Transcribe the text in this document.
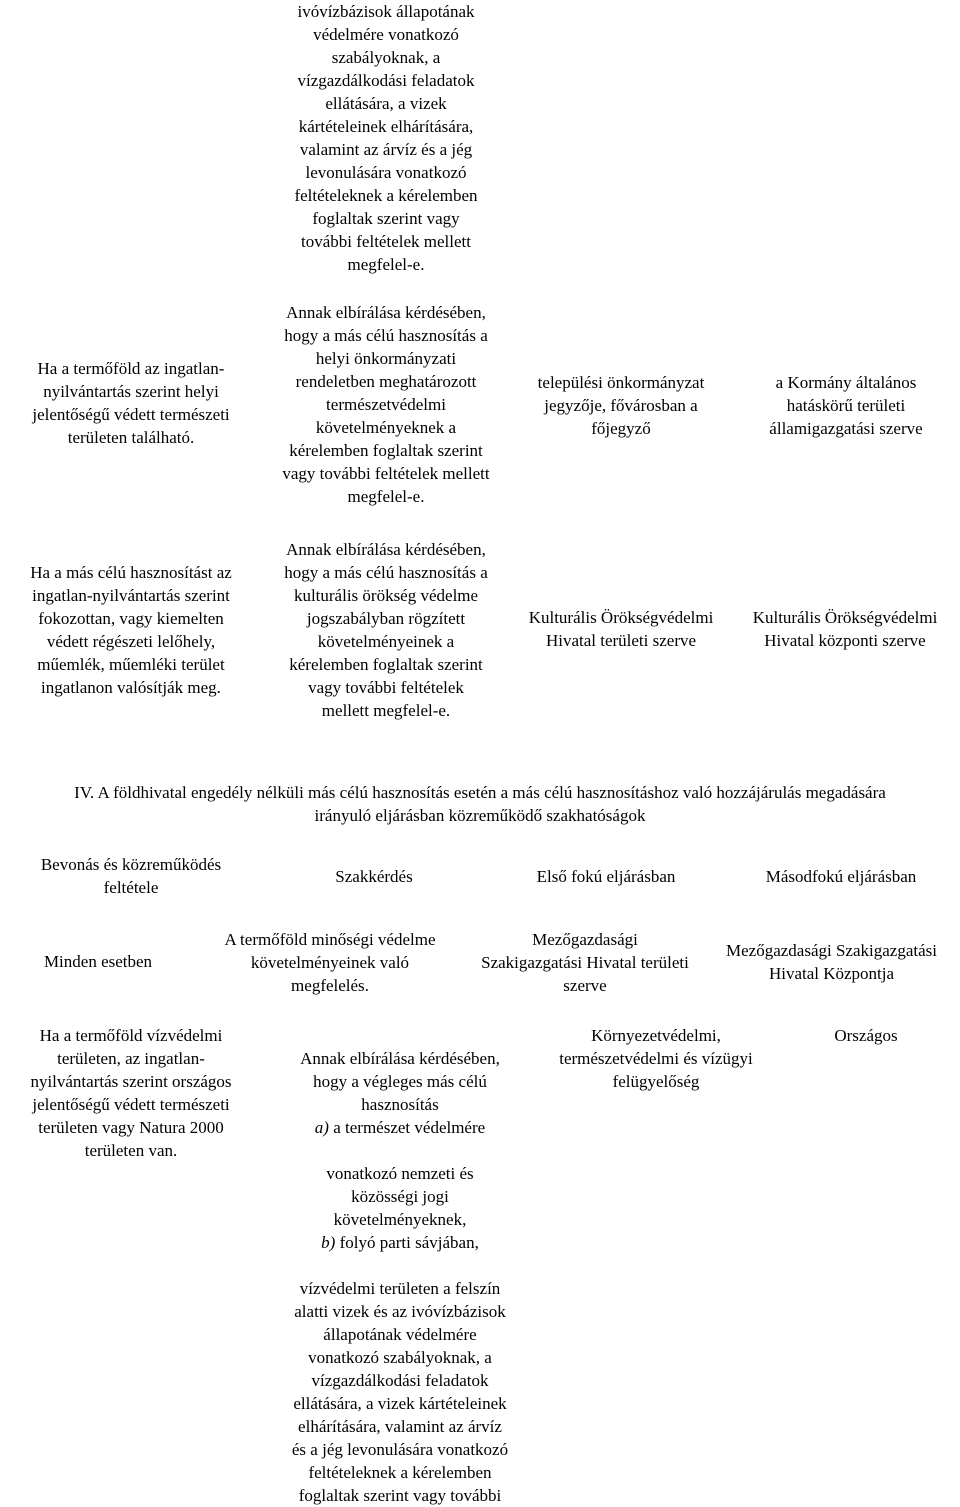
ivóvízbázisok állapotának
védelmére vonatkozó
szabályoknak, a
vízgazdálkodási feladatok
ellátására, a vizek
kártételeinek elhárítására,
valamint az árvíz és a jég
levonulására vonatkozó
feltételeknek a kérelemben
foglaltak szerint vagy
további feltételek mellett
megfelel-e.
Ha a termőföld az ingatlan-
nyilvántartás szerint helyi
jelentőségű védett természeti
területen található.
Annak elbírálása kérdésében,
hogy a más célú hasznosítás a
helyi önkormányzati
rendeletben meghatározott
természetvédelmi
követelményeknek a
kérelemben foglaltak szerint
vagy további feltételek mellett
megfelel-e.
települési önkormányzat
jegyzője, fővárosban a
főjegyző
a Kormány általános
hatáskörű területi
államigazgatási szerve
Ha a más célú hasznosítást az
ingatlan-nyilvántartás szerint
fokozottan, vagy kiemelten
védett régészeti lelőhely,
műemlék, műemléki terület
ingatlanon valósítják meg.
Annak elbírálása kérdésében,
hogy a más célú hasznosítás a
kulturális örökség védelme
jogszabályban rögzített
követelményeinek a
kérelemben foglaltak szerint
vagy további feltételek
mellett megfelel-e.
Kulturális Örökségvédelmi
Hivatal területi szerve
Kulturális Örökségvédelmi
Hivatal központi szerve
IV. A földhivatal engedély nélküli más célú hasznosítás esetén a más célú hasznosításhoz való hozzájárulás megadására
irányuló eljárásban közreműködő szakhatóságok
Bevonás és közreműködés
feltétele
Szakkérdés	Első fokú eljárásban	Másodfokú eljárásban
Minden esetben
A termőföld minőségi védelme
követelményeinek való
megfelelés.
Mezőgazdasági
Szakigazgatási Hivatal területi
szerve
Mezőgazdasági Szakigazgatási
Hivatal Központja
Ha a termőföld vízvédelmi
területen, az ingatlan-
nyilvántartás szerint országos
jelentőségű védett természeti
területen vagy Natura 2000
területen van.

Annak elbírálása kérdésében,
hogy a végleges más célú
hasznosítás

a) a természet védelmére

vonatkozó nemzeti és
közösségi jogi
követelményeknek,

b) folyó parti sávjában,

vízvédelmi területen a felszín
alatti vizek és az ivóvízbázisok
állapotának védelmére
vonatkozó szabályoknak, a
vízgazdálkodási feladatok
ellátására, a vizek kártételeinek
elhárítására, valamint az árvíz
és a jég levonulására vonatkozó
feltételeknek a kérelemben
foglaltak szerint vagy további

Környezetvédelmi,
természetvédelmi és vízügyi
felügyelőség
Országos
